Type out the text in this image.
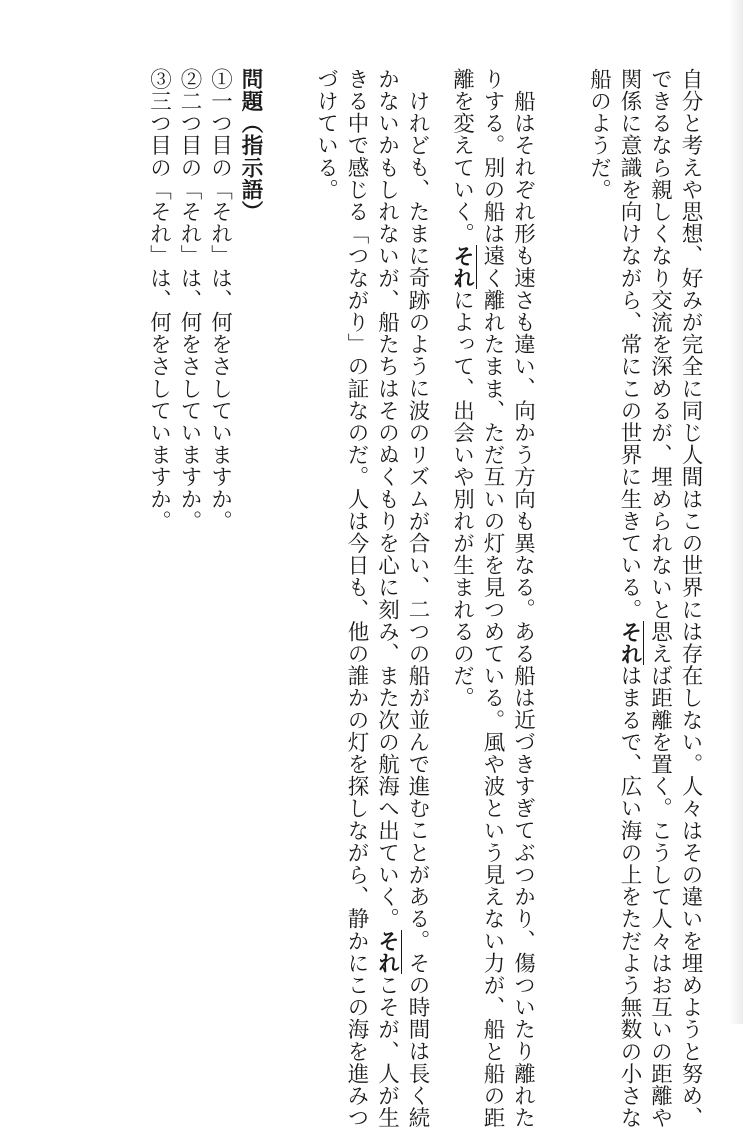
自分と考えや思想、好みが完全に同じ人間はこの世界には存在しない。人々はその違いを埋めようと努め、
できるなら親しくなり交流を深めるが、埋められないと思えば距離を置く。こうして人々はお互いの距離や
関係に意識を向けながら、常にこの世界に生きている。それはまるで、広い海の上をただよう無数の小さな
船のようだ。
船はそれぞれ形も速さも違い、向かう方向も異なる。ある船は近づきすぎてぶつかり、傷ついたり離れた
りする。別の船は遠く離れたまま、ただ互いの灯を見つめている。風や波という見えない力が、船と船の距
離を変えていく。それによって、出会いや別れが生まれるのだ。
けれども、たまに奇跡のように波のリズムが合い、二つの船が並んで進むことがある。その時間は長く続
かないかもしれないが、船たちはそのぬくもりを心に刻み、また次の航海へ出ていく。それこそが、人が生
きる中で感じる「つながり」の証なのだ。人は今日も、他の誰かの灯を探しながら、静かにこの海を進みつ
づけている。
問題（指示語）
①一つ目の「それ」は、何をさしていますか。
②二つ目の「それ」は、何をさしていますか。
③三つ目の「それ」は、何をさしていますか。
